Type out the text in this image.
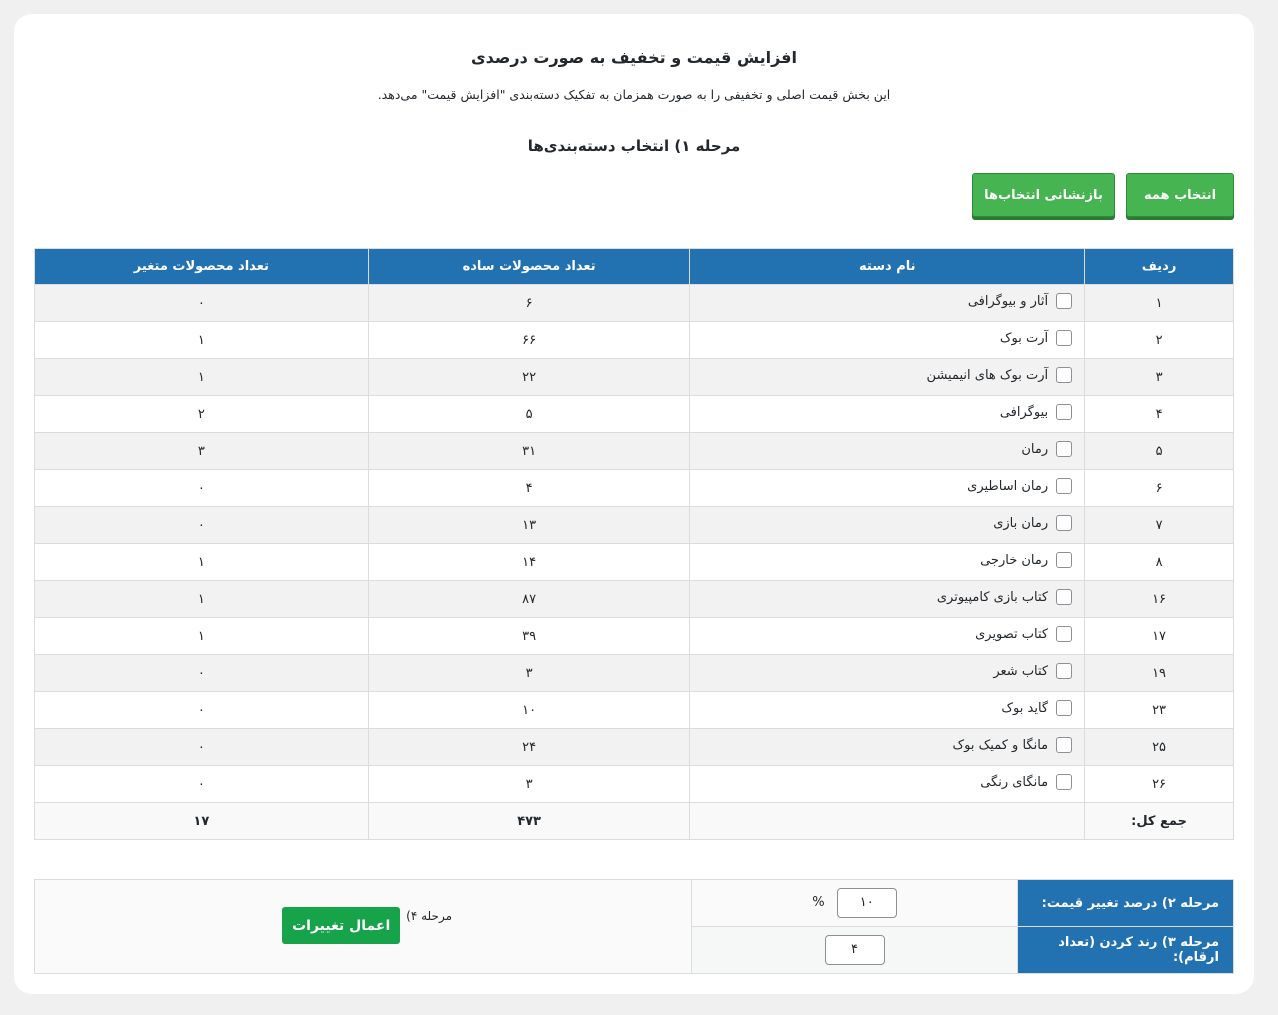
افزایش قیمت و تخفیف به صورت درصدی
این بخش قیمت اصلی و تخفیفی را به صورت همزمان به تفکیک دسته‌بندی "افزایش قیمت" می‌دهد.
مرحله ۱) انتخاب دسته‌بندی‌ها
انتخاب همه
بازنشانی انتخاب‌ها
ردیف	نام دسته	تعداد محصولات ساده	تعداد محصولات متغیر
۱	آثار و بیوگرافی	۶	۰
۲	آرت بوک	۶۶	۱
۳	آرت بوک های انیمیشن	۲۲	۱
۴	بیوگرافی	۵	۲
۵	رمان	۳۱	۳
۶	رمان اساطیری	۴	۰
۷	رمان بازی	۱۳	۰
۸	رمان خارجی	۱۴	۱
۱۶	کتاب بازی کامپیوتری	۸۷	۱
۱۷	کتاب تصویری	۳۹	۱
۱۹	کتاب شعر	۳	۰
۲۳	گاید بوک	۱۰	۰
۲۵	مانگا و کمیک بوک	۲۴	۰
۲۶	مانگای رنگی	۳	۰
جمع کل:		۴۷۳	۱۷
مرحله ۲) درصد تغییر قیمت:	۱۰ %	مرحله ۴)
اعمال تغییرات

مرحله ۳) رند کردن (تعداد ارقام):	۴	
